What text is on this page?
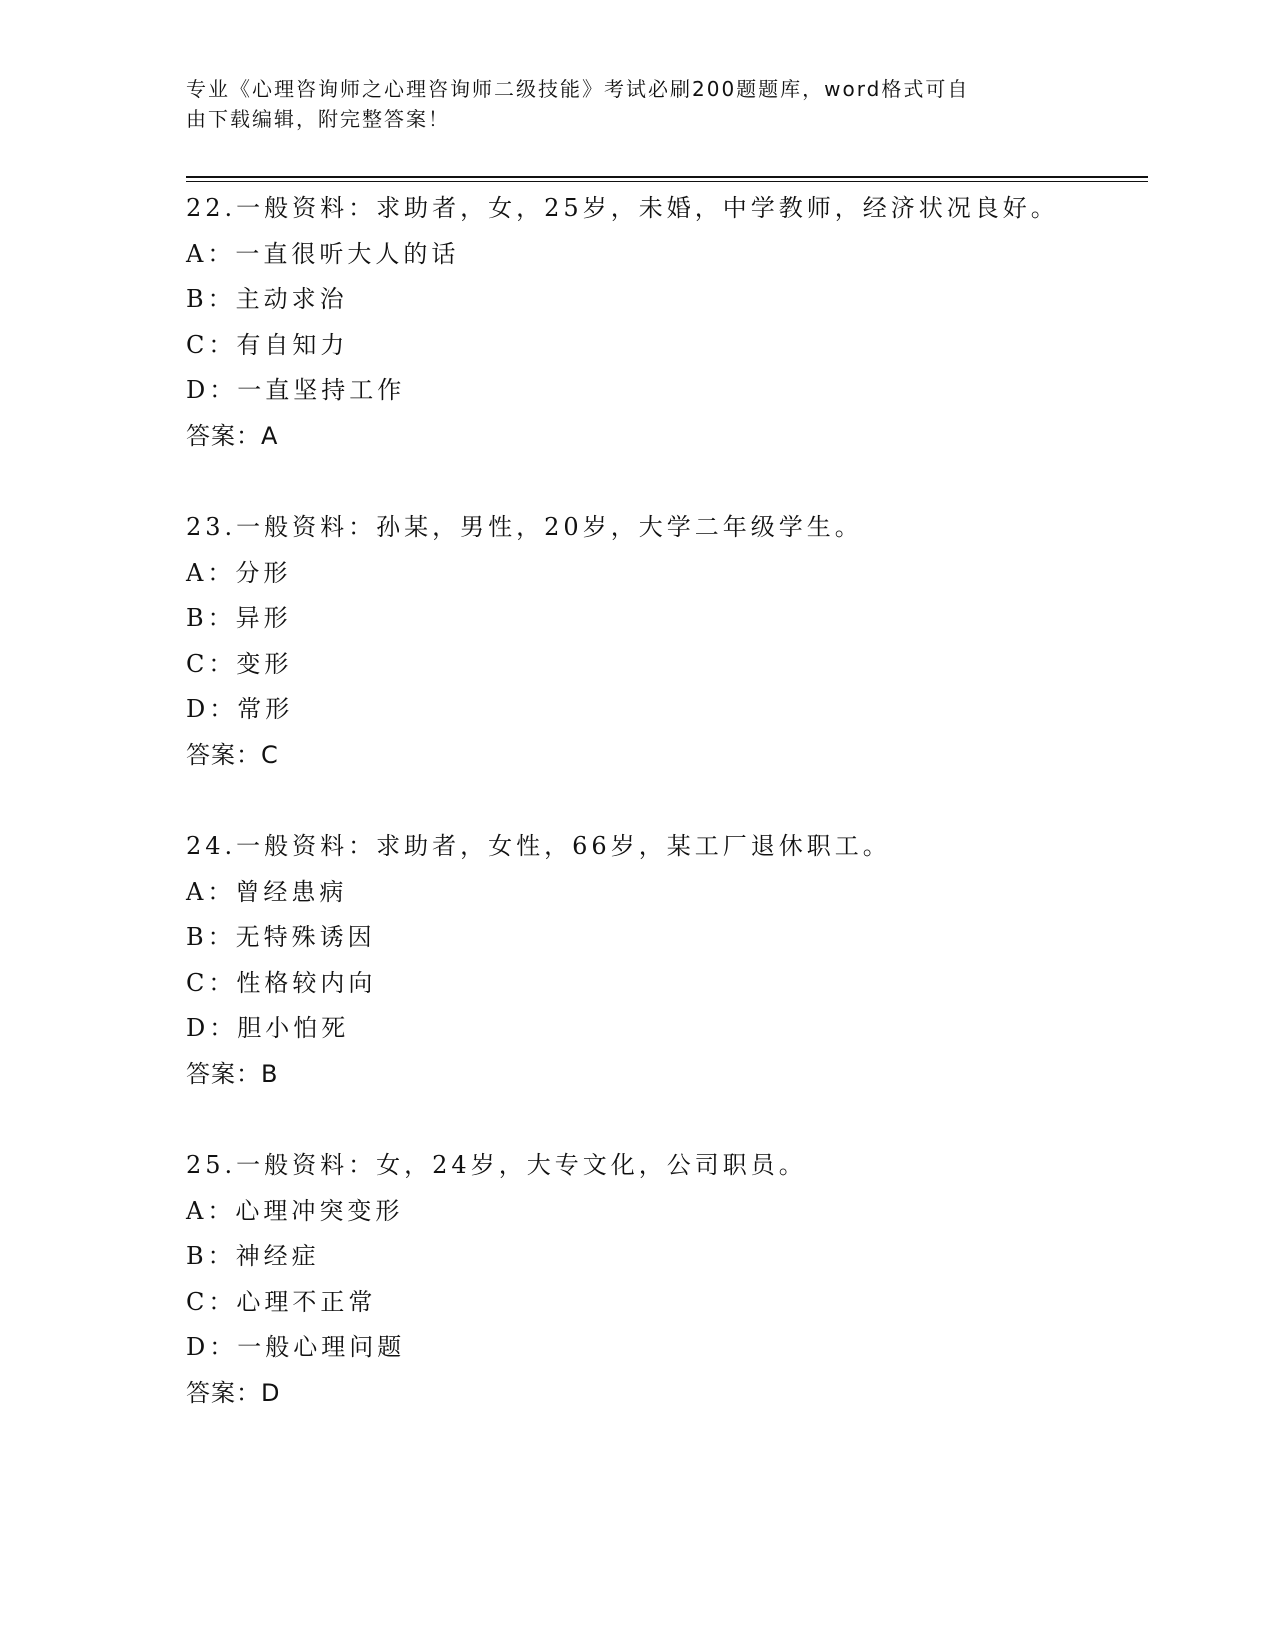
专业《心理咨询师之心理咨询师二级技能》考试必刷200题题库，word格式可自
由下载编辑，附完整答案！
22.一般资料：求助者，女，25岁，未婚，中学教师，经济状况良好。
A：一直很听大人的话
B：主动求治
C：有自知力
D：一直坚持工作
答案：A
23.一般资料：孙某，男性，20岁，大学二年级学生。
A：分形
B：异形
C：变形
D：常形
答案：C
24.一般资料：求助者，女性，66岁，某工厂退休职工。
A：曾经患病
B：无特殊诱因
C：性格较内向
D：胆小怕死
答案：B
25.一般资料：女，24岁，大专文化，公司职员。
A：心理冲突变形
B：神经症
C：心理不正常
D：一般心理问题
答案：D
